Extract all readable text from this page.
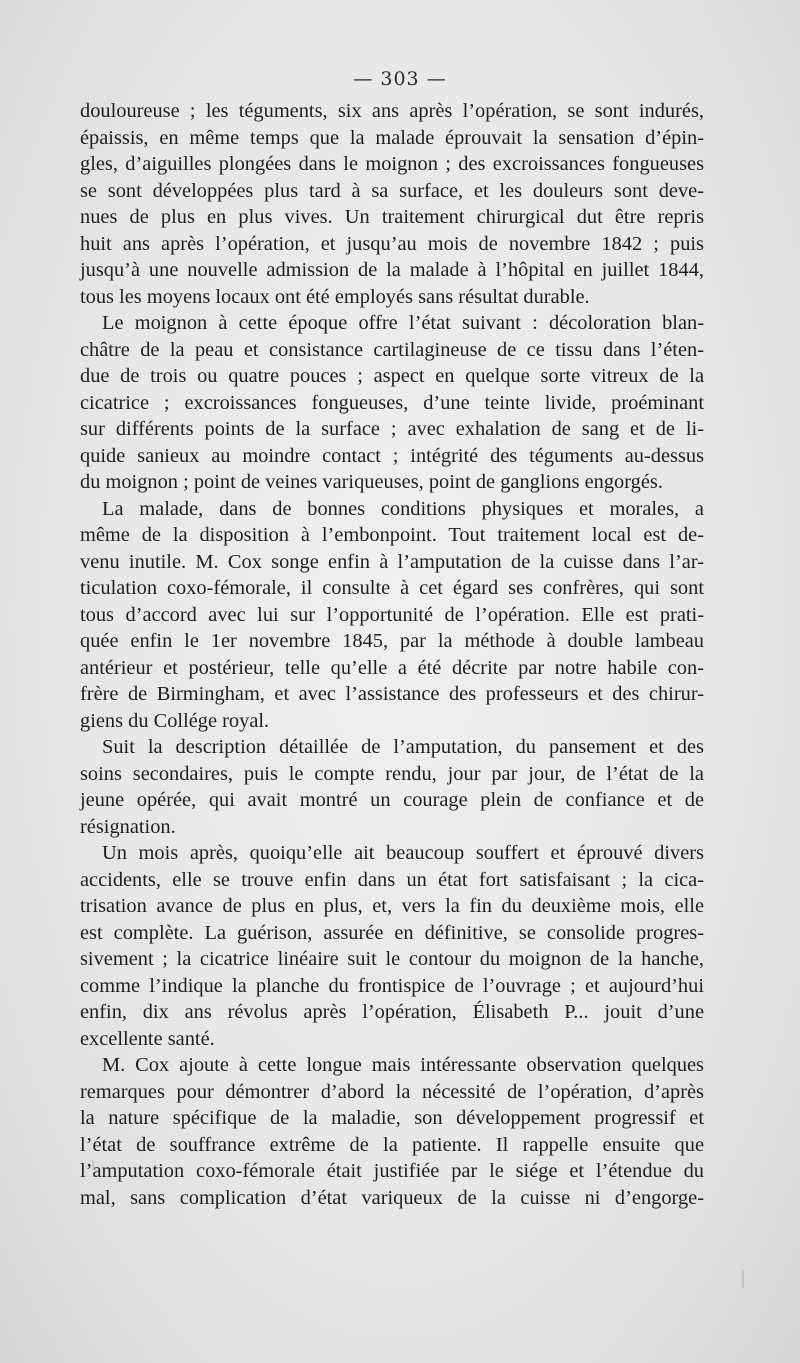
— 303 —
douloureuse ; les téguments, six ans après l’opération, se sont indurés,
épaissis, en même temps que la malade éprouvait la sensation d’épin-
gles, d’aiguilles plongées dans le moignon ; des excroissances fongueuses
se sont développées plus tard à sa surface, et les douleurs sont deve-
nues de plus en plus vives. Un traitement chirurgical dut être repris
huit ans après l’opération, et jusqu’au mois de novembre 1842 ; puis
jusqu’à une nouvelle admission de la malade à l’hôpital en juillet 1844,
tous les moyens locaux ont été employés sans résultat durable.
Le moignon à cette époque offre l’état suivant : décoloration blan-
châtre de la peau et consistance cartilagineuse de ce tissu dans l’éten-
due de trois ou quatre pouces ; aspect en quelque sorte vitreux de la
cicatrice ; excroissances fongueuses, d’une teinte livide, proéminant
sur différents points de la surface ; avec exhalation de sang et de li-
quide sanieux au moindre contact ; intégrité des téguments au-dessus
du moignon ; point de veines variqueuses, point de ganglions engorgés.
La malade, dans de bonnes conditions physiques et morales, a
même de la disposition à l’embonpoint. Tout traitement local est de-
venu inutile. M. Cox songe enfin à l’amputation de la cuisse dans l’ar-
ticulation coxo-fémorale, il consulte à cet égard ses confrères, qui sont
tous d’accord avec lui sur l’opportunité de l’opération. Elle est prati-
quée enfin le 1er novembre 1845, par la méthode à double lambeau
antérieur et postérieur, telle qu’elle a été décrite par notre habile con-
frère de Birmingham, et avec l’assistance des professeurs et des chirur-
giens du Collége royal.
Suit la description détaillée de l’amputation, du pansement et des
soins secondaires, puis le compte rendu, jour par jour, de l’état de la
jeune opérée, qui avait montré un courage plein de confiance et de
résignation.
Un mois après, quoiqu’elle ait beaucoup souffert et éprouvé divers
accidents, elle se trouve enfin dans un état fort satisfaisant ; la cica-
trisation avance de plus en plus, et, vers la fin du deuxième mois, elle
est complète. La guérison, assurée en définitive, se consolide progres-
sivement ; la cicatrice linéaire suit le contour du moignon de la hanche,
comme l’indique la planche du frontispice de l’ouvrage ; et aujourd’hui
enfin, dix ans révolus après l’opération, Élisabeth P... jouit d’une
excellente santé.
M. Cox ajoute à cette longue mais intéressante observation quelques
remarques pour démontrer d’abord la nécessité de l’opération, d’après
la nature spécifique de la maladie, son développement progressif et
l’état de souffrance extrême de la patiente. Il rappelle ensuite que
l’amputation coxo-fémorale était justifiée par le siége et l’étendue du
mal, sans complication d’état variqueux de la cuisse ni d’engorge-
